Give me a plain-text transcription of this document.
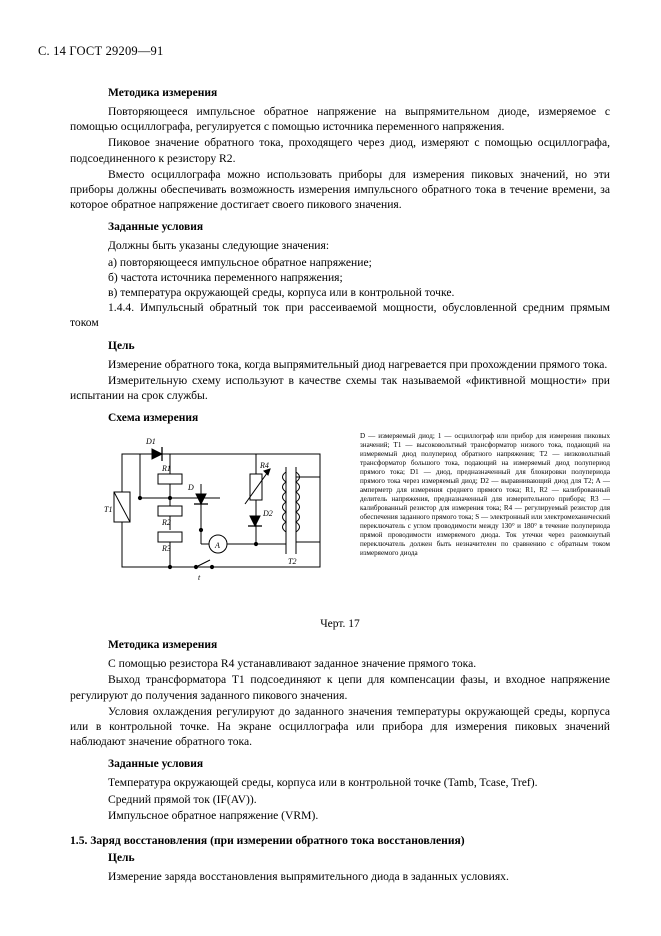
С. 14 ГОСТ 29209—91
Методика измерения

Повторяющееся импульсное обратное напряжение на выпрямительном диоде, измеряемое с помощью осциллографа, регулируется с помощью источника переменного напряжения.

Пиковое значение обратного тока, проходящего через диод, измеряют с помощью осциллографа, подсоединенного к резистору R2.

Вместо осциллографа можно использовать приборы для измерения пиковых значений, но эти приборы должны обеспечивать возможность измерения импульсного обратного тока в течение времени, за которое обратное напряжение достигает своего пикового значения.

Заданные условия

Должны быть указаны следующие значения:

а) повторяющееся импульсное обратное напряжение;

б) частота источника переменного напряжения;

в) температура окружающей среды, корпуса или в контрольной точке.

1.4.4. Импульсный обратный ток при рассеиваемой мощности, обусловленной средним прямым током

Цель

Измерение обратного тока, когда выпрямительный диод нагревается при прохождении прямого тока.

Измерительную схему используют в качестве схемы так называемой «фиктивной мощности» при испытании на срок службы.

Схема измерения
T1
R1
R2
R3
D
A
t
R4
D2
T2
D1
D — измеряемый диод; 1 — осциллограф или прибор для измерения пиковых значений; T1 — высоковольтный трансформатор низкого тока, подающий на измеряемый диод полупериод обратного напряжения; T2 — низковольтный трансформатор большого тока, подающий на измеряемый диод полупериод прямого тока; D1 — диод, предназначенный для блокировки полупериода прямого тока через измеряемый диод; D2 — выравнивающий диод для T2; A — амперметр для измерения среднего прямого тока; R1, R2 — калиброванный делитель напряжения, предназначенный для измерительного прибора; R3 — калиброванный резистор для измерения тока; R4 — регулируемый резистор для обеспечения заданного прямого тока; S — электронный или электромеханический переключатель с углом проводимости между 130° и 180° в течение полупериода прямой проводимости измеряемого диода. Ток утечки через разомкнутый переключатель должен быть незначителен по сравнению с обратным током измеряемого диода
Черт. 17
Методика измерения

С помощью резистора R4 устанавливают заданное значение прямого тока.

Выход трансформатора T1 подсоединяют к цепи для компенсации фазы, и входное напряжение регулируют до получения заданного пикового значения.

Условия охлаждения регулируют до заданного значения температуры окружающей среды, корпуса или в контрольной точке. На экране осциллографа или прибора для измерения пиковых значений наблюдают значение обратного тока.

Заданные условия

Температура окружающей среды, корпуса или в контрольной точке (Tamb, Tcase, Tref).

Средний прямой ток (IF(AV)).

Импульсное обратное напряжение (VRM).

1.5. Заряд восстановления (при измерении обратного тока восстановления)

Цель

Измерение заряда восстановления выпрямительного диода в заданных условиях.
